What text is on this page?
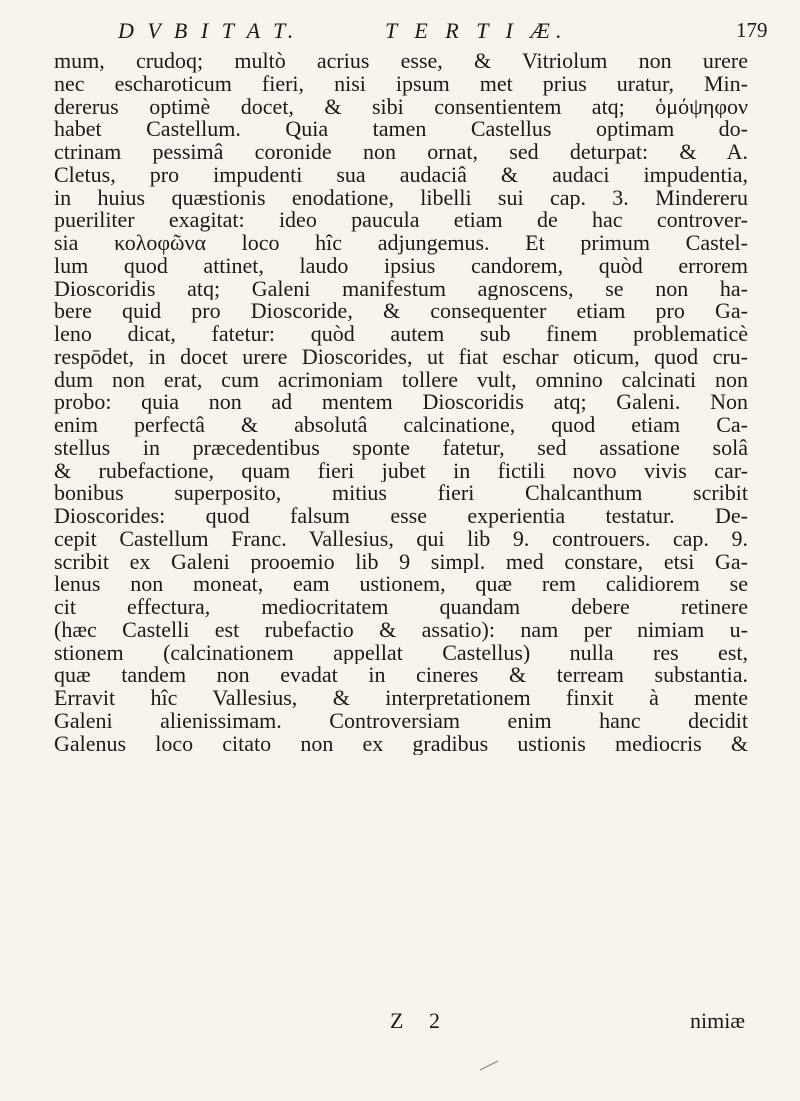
D V B I T A T.	T E R T I Æ.	179
mum, crudoq; multò acrius esse, & Vitriolum non urere
nec escharoticum fieri, nisi ipsum met prius uratur, Min-
dererus optimè docet, & sibi consentientem atq; ὁμόψηφον
habet Castellum. Quia tamen Castellus optimam do-
ctrinam pessimâ coronide non ornat, sed deturpat: & A.
Cletus, pro impudenti sua audaciâ & audaci impudentia,
in huius quæstionis enodatione, libelli sui cap. 3. Mindereru
pueriliter exagitat: ideo paucula etiam de hac controver-
sia κολοφῶνα loco hîc adjungemus. Et primum Castel-
lum quod attinet, laudo ipsius candorem, quòd errorem
Dioscoridis atq; Galeni manifestum agnoscens, se non ha-
bere quid pro Dioscoride, & consequenter etiam pro Ga-
leno dicat, fatetur: quòd autem sub finem problematicè
respōdet, in docet urere Dioscorides, ut fiat eschar oticum, quod cru-
dum non erat, cum acrimoniam tollere vult, omnino calcinati non
probo: quia non ad mentem Dioscoridis atq; Galeni. Non
enim perfectâ & absolutâ calcinatione, quod etiam Ca-
stellus in præcedentibus sponte fatetur, sed assatione solâ
& rubefactione, quam fieri jubet in fictili novo vivis car-
bonibus superposito, mitius fieri Chalcanthum scribit
Dioscorides: quod falsum esse experientia testatur. De-
cepit Castellum Franc. Vallesius, qui lib 9. controuers. cap. 9.
scribit ex Galeni prooemio lib 9 simpl. med constare, etsi Ga-
lenus non moneat, eam ustionem, quæ rem calidiorem se
cit effectura, mediocritatem quandam debere retinere
(hæc Castelli est rubefactio & assatio): nam per nimiam u-
stionem (calcinationem appellat Castellus) nulla res est,
quæ tandem non evadat in cineres & terream substantia.
Erravit hîc Vallesius, & interpretationem finxit à mente
Galeni alienissimam. Controversiam enim hanc decidit
Galenus loco citato non ex gradibus ustionis mediocris &
Z 2	nimiæ
